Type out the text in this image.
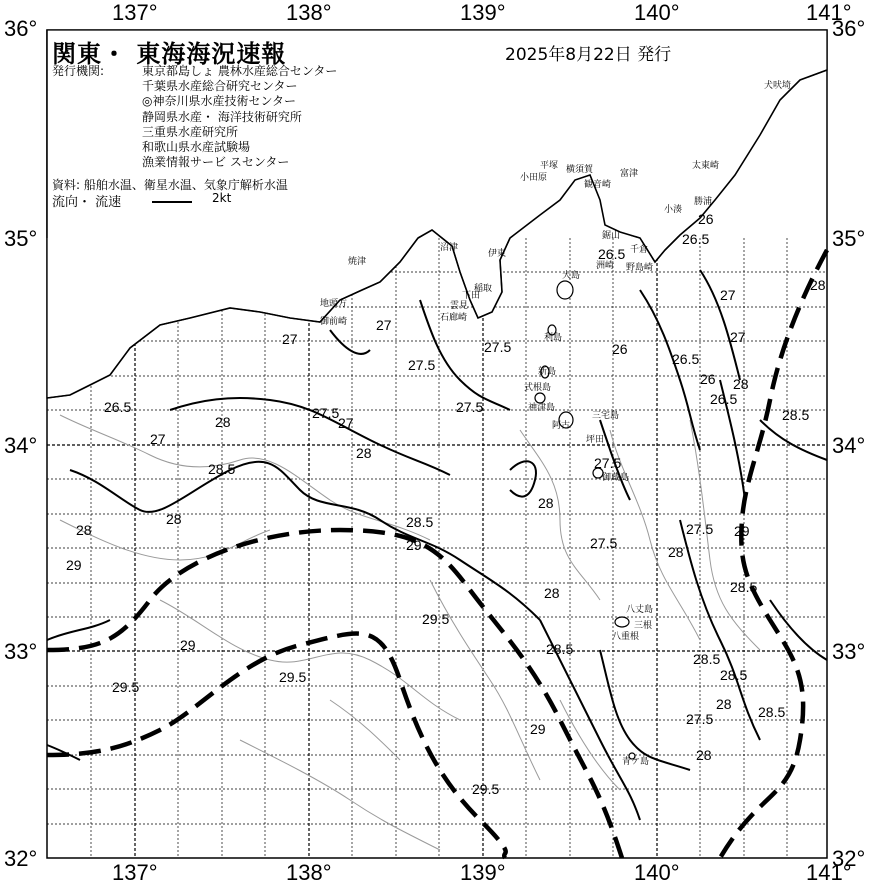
137°	138°	139°	140°	141°
137°	138°	139°	140°	141°
36°
35°
34°
33°
32°
36°
35°
34°
33°
32°
関東・ 東海海況速報	2025年8月22日 発行
発行機関:	東京都島しょ 農林水産総合センター
千葉県水産総合研究センター
◎神奈川県水産技術センター
静岡県水産・ 海洋技術研究所
三重県水産研究所
和歌山県水産試験場
漁業情報サービ スセンター
資料: 船舶水温、衛星水温、気象庁解析水温
流向・ 流速	2kt
28.5
28
28
29
28
26.5
27
27
27
27.5
27
28
27.5
27.5
27.5
28.5
29
29.5
29.5
29.5
29
29.5
29
28
28.5
28
27.5
27.5
26
26.5
26
26.5
28
28.5
27
27
26
26.5
26.5
28
27.5 29
28.5
28.5
28.5
28.5
28
27.5
28
28
犬吠埼
太東崎
勝浦
小湊
千倉
鋸山
洲崎 野島崎
富津
観音崎
横須賀
平塚
小田原
沼津
伊東
焼津
地頭方
御前崎
稲取
下田
雲見
石廊崎
大島
利島
新島
式根島
神津島
三宅島
阿古
坪田
御蔵島
八丈島
三根
八重根
青ケ島
